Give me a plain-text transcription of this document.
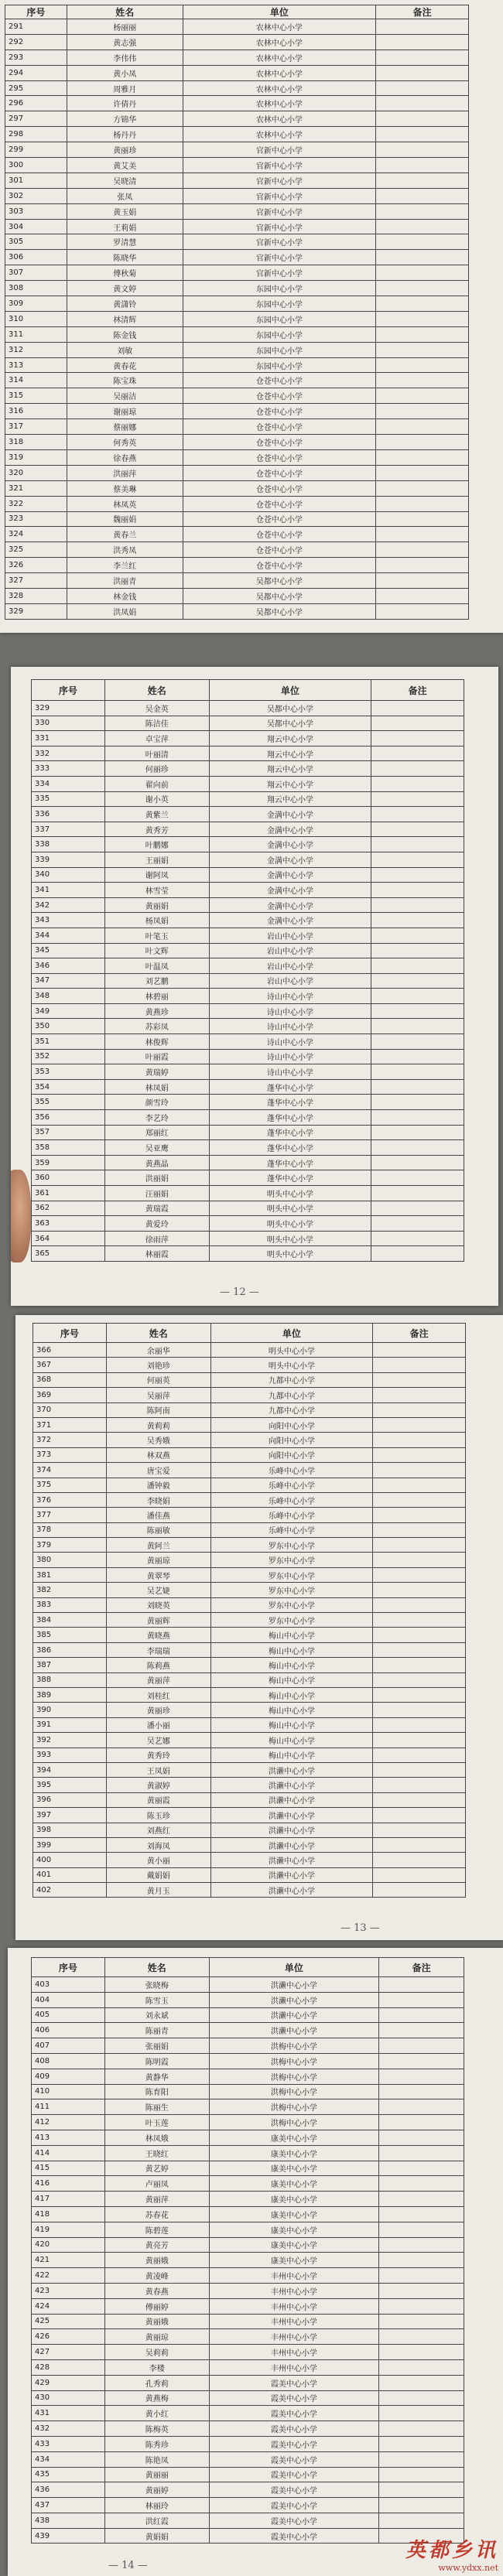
序号	姓名	单位	备注
291	杨丽丽	农林中心小学	
292	黄志强	农林中心小学	
293	李伟伟	农林中心小学	
294	黄小凤	农林中心小学	
295	周雅月	农林中心小学	
296	许倩丹	农林中心小学	
297	方锦华	农林中心小学	
298	杨丹丹	农林中心小学	
299	黄丽珍	官新中心小学	
300	黄艾美	官新中心小学	
301	吴晓清	官新中心小学	
302	张凤	官新中心小学	
303	黄玉娟	官新中心小学	
304	王莉娟	官新中心小学	
305	罗清慧	官新中心小学	
306	陈晓华	官新中心小学	
307	傅秋菊	官新中心小学	
308	黄文婷	东园中心小学	
309	黄潇铃	东园中心小学	
310	林清辉	东园中心小学	
311	陈金钱	东园中心小学	
312	刘敏	东园中心小学	
313	黄春花	东园中心小学	
314	陈宝珠	仓苍中心小学	
315	吴丽洁	仓苍中心小学	
316	谢丽琼	仓苍中心小学	
317	蔡丽娜	仓苍中心小学	
318	何秀英	仓苍中心小学	
319	徐春燕	仓苍中心小学	
320	洪丽萍	仓苍中心小学	
321	蔡美琳	仓苍中心小学	
322	林凤英	仓苍中心小学	
323	魏丽娟	仓苍中心小学	
324	黄春兰	仓苍中心小学	
325	洪秀凤	仓苍中心小学	
326	李兰红	仓苍中心小学	
327	洪丽青	吴都中心小学	
328	林金钱	吴都中心小学	
329	洪凤娟	吴都中心小学	
序号	姓名	单位	备注
329	吴金英	吴都中心小学	
330	陈洁佳	吴都中心小学	
331	卓宝萍	翔云中心小学	
332	叶丽清	翔云中心小学	
333	何丽珍	翔云中心小学	
334	翟向前	翔云中心小学	
335	谢小英	翔云中心小学	
336	黄紫兰	金满中心小学	
337	黄秀芳	金满中心小学	
338	叶鹏娜	金满中心小学	
339	王丽娟	金满中心小学	
340	谢阿凤	金满中心小学	
341	林雪莹	金满中心小学	
342	黄丽娟	金满中心小学	
343	杨凤娟	金满中心小学	
344	叶笔玉	岩山中心小学	
345	叶文辉	岩山中心小学	
346	叶温凤	岩山中心小学	
347	刘艺鹏	岩山中心小学	
348	林碧丽	诗山中心小学	
349	黄燕珍	诗山中心小学	
350	苏彩凤	诗山中心小学	
351	林俊辉	诗山中心小学	
352	叶丽霞	诗山中心小学	
353	黄瑞婷	诗山中心小学	
354	林凤娟	蓬华中心小学	
355	颜雪玲	蓬华中心小学	
356	李艺玲	蓬华中心小学	
357	郑丽红	蓬华中心小学	
358	吴亚鹰	蓬华中心小学	
359	黄燕晶	蓬华中心小学	
360	洪丽娟	蓬华中心小学	
361	汪丽娟	明头中心小学	
362	黄瑞霞	明头中心小学	
363	黄爱玲	明头中心小学	
364	徐雨萍	明头中心小学	
365	林丽霞	明头中心小学	
— 12 —
序号	姓名	单位	备注
366	余丽华	明头中心小学	
367	刘艳珍	明头中心小学	
368	何丽英	九都中心小学	
369	吴丽萍	九都中心小学	
370	陈阿南	九都中心小学	
371	黄莉莉	向阳中心小学	
372	吴秀娥	向阳中心小学	
373	林双燕	向阳中心小学	
374	唐宝爱	乐峰中心小学	
375	潘钟毅	乐峰中心小学	
376	李晓娟	乐峰中心小学	
377	潘佳燕	乐峰中心小学	
378	陈丽敏	乐峰中心小学	
379	黄阿兰	罗东中心小学	
380	黄丽琼	罗东中心小学	
381	黄翠琴	罗东中心小学	
382	吴艺婕	罗东中心小学	
383	刘晓英	罗东中心小学	
384	黄丽辉	罗东中心小学	
385	黄晓燕	梅山中心小学	
386	李瑞瑞	梅山中心小学	
387	陈莉燕	梅山中心小学	
388	黄丽萍	梅山中心小学	
389	刘桂红	梅山中心小学	
390	黄丽珍	梅山中心小学	
391	潘小丽	梅山中心小学	
392	吴艺娜	梅山中心小学	
393	黄秀玲	梅山中心小学	
394	王凤娟	洪濑中心小学	
395	黄淑婷	洪濑中心小学	
396	黄丽霞	洪濑中心小学	
397	陈玉珍	洪濑中心小学	
398	刘燕红	洪濑中心小学	
399	刘海凤	洪濑中心小学	
400	黄小丽	洪濑中心小学	
401	戴娟娟	洪濑中心小学	
402	黄月玉	洪濑中心小学	
— 13 —
序号	姓名	单位	备注
403	张晓梅	洪濑中心小学	
404	陈雪玉	洪濑中心小学	
405	刘永斌	洪濑中心小学	
406	陈丽青	洪濑中心小学	
407	张丽娟	洪梅中心小学	
408	陈明霞	洪梅中心小学	
409	黄静华	洪梅中心小学	
410	陈育阳	洪梅中心小学	
411	陈丽生	洪梅中心小学	
412	叶玉莲	洪梅中心小学	
413	林凤娥	康美中心小学	
414	王晓红	康美中心小学	
415	黄艺婷	康美中心小学	
416	卢丽凤	康美中心小学	
417	黄丽萍	康美中心小学	
418	苏春花	康美中心小学	
419	陈碧莲	康美中心小学	
420	黄亮芳	康美中心小学	
421	黄丽娥	康美中心小学	
422	黄凌峰	丰州中心小学	
423	黄春燕	丰州中心小学	
424	傅丽婷	丰州中心小学	
425	黄丽娥	丰州中心小学	
426	黄丽琼	丰州中心小学	
427	吴莉莉	丰州中心小学	
428	李楼	丰州中心小学	
429	孔秀莉	霞美中心小学	
430	黄燕梅	霞美中心小学	
431	黄小红	霞美中心小学	
432	陈梅英	霞美中心小学	
433	陈秀珍	霞美中心小学	
434	陈艳凤	霞美中心小学	
435	黄丽丽	霞美中心小学	
436	黄丽婷	霞美中心小学	
437	林丽玲	霞美中心小学	
438	洪红霞	霞美中心小学	
439	黄娟娟	霞美中心小学	
— 14 —
英都乡讯
www.ydxx.net
